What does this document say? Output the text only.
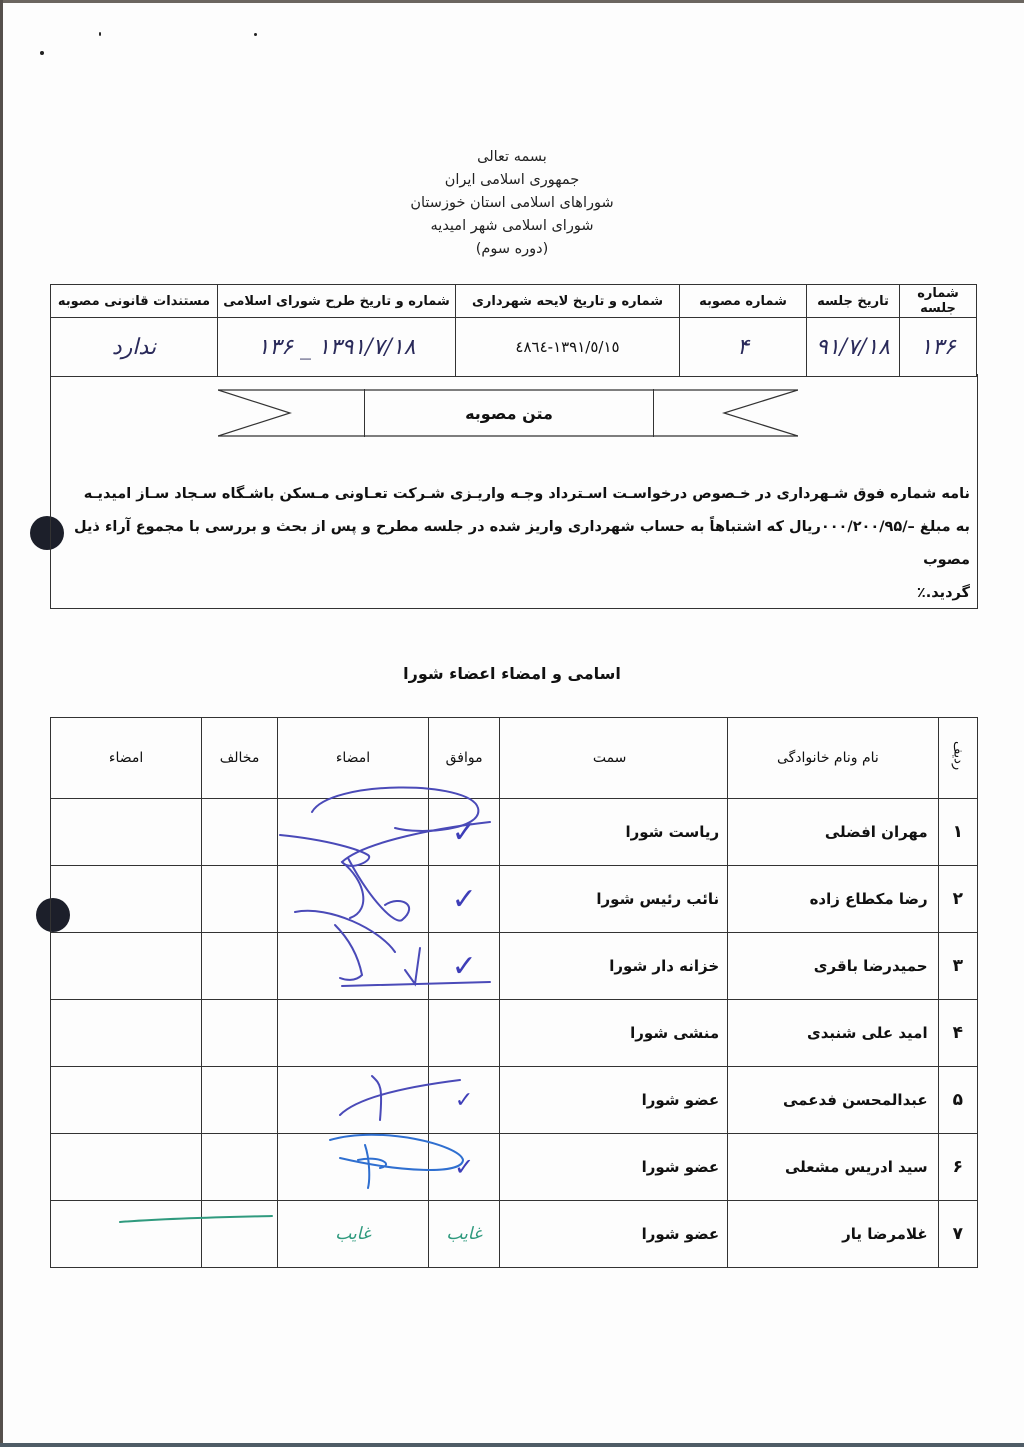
بسمه تعالی
جمهوری اسلامی ایران
شوراهای اسلامی استان خوزستان
شورای اسلامی شهر امیدیه
(دوره سوم)
شماره جلسه	تاریخ جلسه	شماره مصوبه	شماره و تاریخ لایحه شهرداری	شماره و تاریخ طرح شورای اسلامی	مستندات قانونی مصوبه
۱۳۶	۹۱/۷/۱۸	۴	١٣٩١/٥/١٥-٤٨٦٤	۱۳۹۱/۷/۱۸ _ ۱۳۶	ندارد
متن مصوبه

نامه شماره فوق شـهرداری در خـصوص درخواسـت اسـترداد وجـه واریـزی شـرکت تعـاونی مـسکن باشـگاه سـجاد سـاز امیدیـه

به مبلغ –/۰۰۰/۲۰۰/۹۵ریال که اشتباهاً به حساب شهرداری واریز شده در جلسه مطرح و پس از بحث و بررسی با مجموع آراء ذیل مصوب

گردید.٪

اسامی و امضاء اعضاء شورا
ردیف	نام ونام خانوادگی	سمت	موافق	امضاء	مخالف	امضاء
۱	مهران افضلی	ریاست شورا	✓			
۲	رضا مکطاع زاده	نائب رئیس شورا	✓			
۳	حمیدرضا باقری	خزانه دار شورا	✓			
۴	امید علی شنبدی	منشی شورا				
۵	عبدالمحسن فدعمی	عضو شورا	✓			
۶	سید ادریس مشعلی	عضو شورا	✓			
۷	غلامرضا یار	عضو شورا	غایب	غایب		
